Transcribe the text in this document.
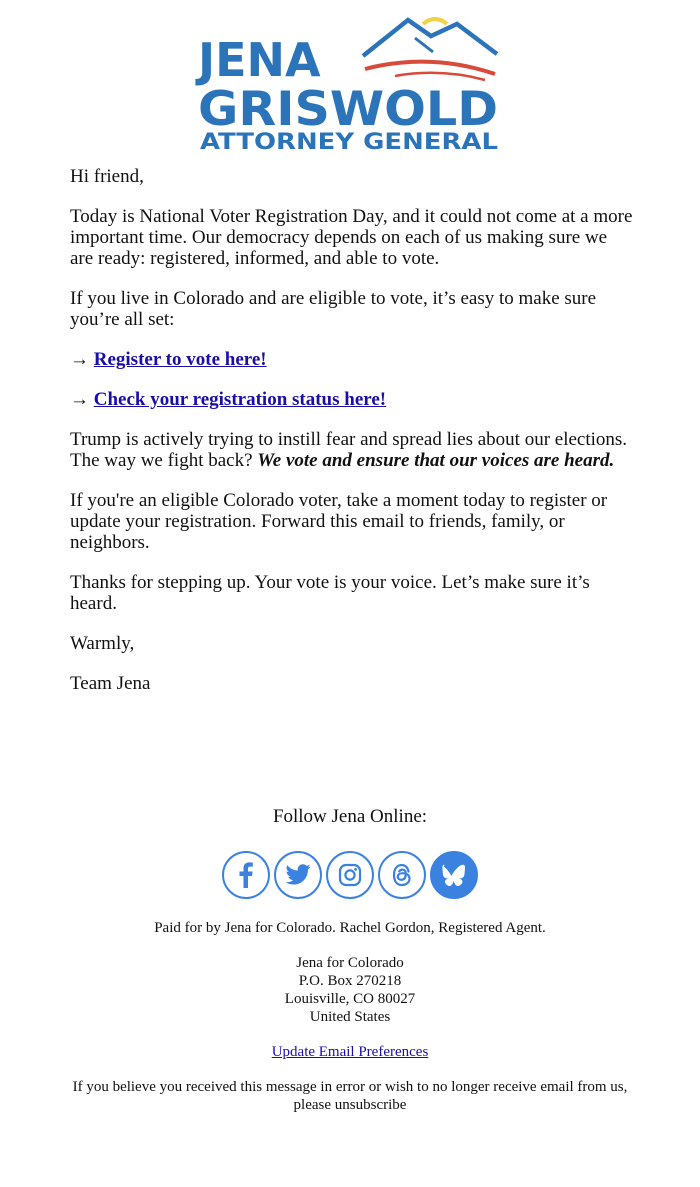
JENA
GRISWOLD
ATTORNEY GENERAL

Hi friend,

Today is National Voter Registration Day, and it could not come at a more important time. Our democracy depends on each of us making sure we are ready: registered, informed, and able to vote.

If you live in Colorado and are eligible to vote, it’s easy to make sure you’re all set:

→ Register to vote here!

→ Check your registration status here!

Trump is actively trying to instill fear and spread lies about our elections. The way we fight back? We vote and ensure that our voices are heard.

If you're an eligible Colorado voter, take a moment today to register or update your registration. Forward this email to friends, family, or neighbors.

Thanks for stepping up. Your vote is your voice. Let’s make sure it’s heard.

Warmly,

Team Jena

Follow Jena Online:

Paid for by Jena for Colorado. Rachel Gordon, Registered Agent.

Jena for Colorado
P.O. Box 270218
Louisville, CO 80027
United States

Update Email Preferences

If you believe you received this message in error or wish to no longer receive email from us, please unsubscribe
